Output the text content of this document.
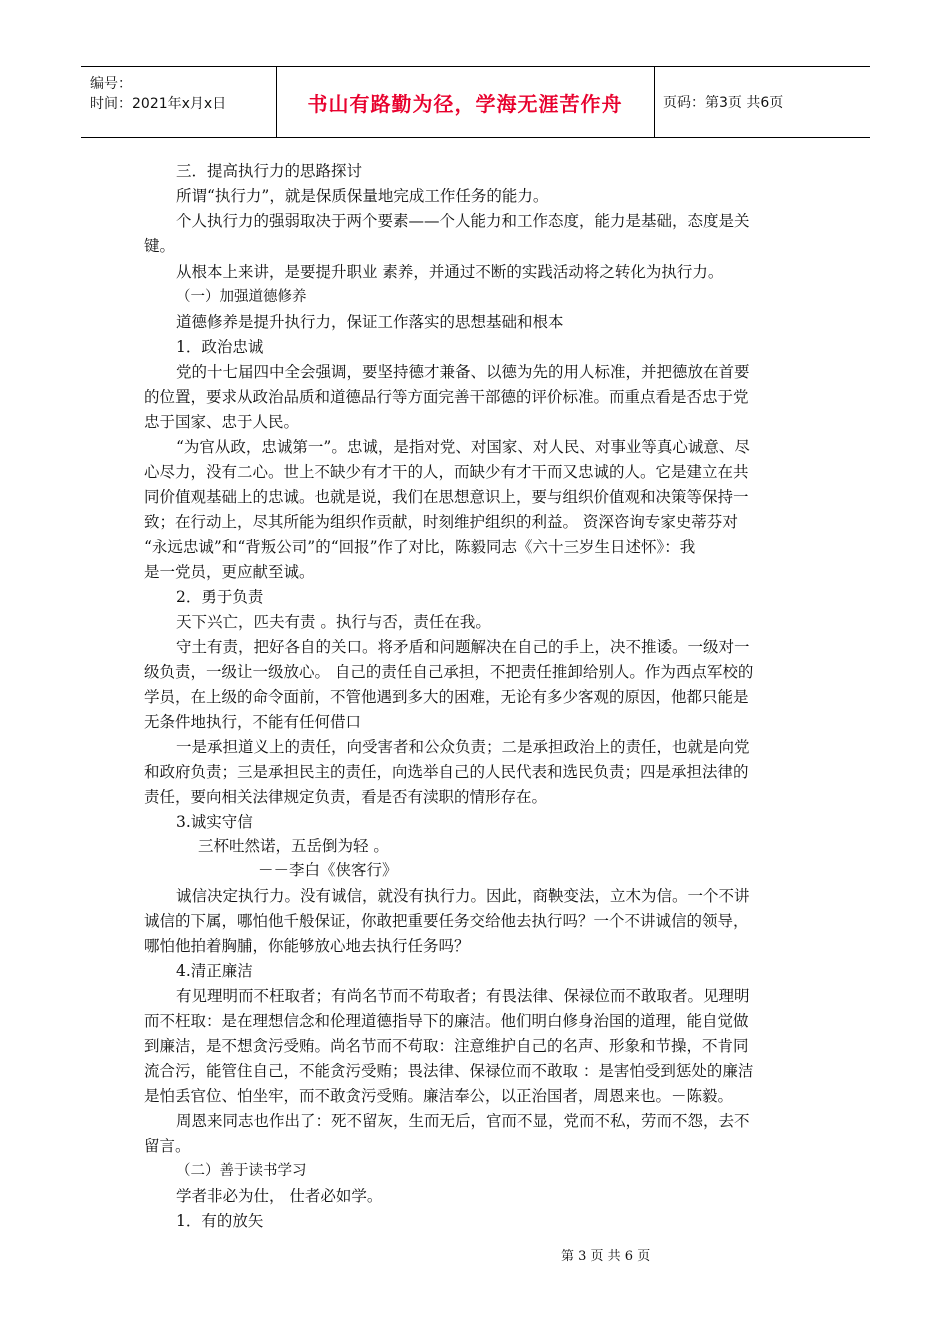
编号：
时间：2021年x月x日	书山有路勤为径，学海无涯苦作舟	页码：第3页 共6页
三．提高执行力的思路探讨
所谓“执行力”，就是保质保量地完成工作任务的能力。
个人执行力的强弱取决于两个要素——个人能力和工作态度，能力是基础，态度是关
键。
从根本上来讲，是要提升职业 素养，并通过不断的实践活动将之转化为执行力。
（一）加强道德修养
道德修养是提升执行力，保证工作落实的思想基础和根本
1．政治忠诚
党的十七届四中全会强调，要坚持德才兼备、以德为先的用人标准，并把德放在首要
的位置，要求从政治品质和道德品行等方面完善干部德的评价标准。而重点看是否忠于党
忠于国家、忠于人民。
“为官从政，忠诚第一”。忠诚，是指对党、对国家、对人民、对事业等真心诚意、尽
心尽力，没有二心。世上不缺少有才干的人，而缺少有才干而又忠诚的人。它是建立在共
同价值观基础上的忠诚。也就是说，我们在思想意识上，要与组织价值观和决策等保持一
致；在行动上，尽其所能为组织作贡献，时刻维护组织的利益。 资深咨询专家史蒂芬对
“永远忠诚”和“背叛公司”的“回报”作了对比，陈毅同志《六十三岁生日述怀》：我
是一党员，更应献至诚。
2．勇于负责
天下兴亡，匹夫有责 。执行与否，责任在我。
守土有责，把好各自的关口。将矛盾和问题解决在自己的手上，决不推诿。一级对一
级负责，一级让一级放心。 自己的责任自己承担，不把责任推卸给别人。作为西点军校的
学员，在上级的命令面前，不管他遇到多大的困难，无论有多少客观的原因，他都只能是
无条件地执行，不能有任何借口
一是承担道义上的责任，向受害者和公众负责；二是承担政治上的责任，也就是向党
和政府负责；三是承担民主的责任，向选举自己的人民代表和选民负责；四是承担法律的
责任，要向相关法律规定负责，看是否有渎职的情形存在。
3.诚实守信
三杯吐然诺，五岳倒为轻 。
－－李白《侠客行》
诚信决定执行力。没有诚信，就没有执行力。因此，商鞅变法，立木为信。一个不讲
诚信的下属，哪怕他千般保证，你敢把重要任务交给他去执行吗？一个不讲诚信的领导，
哪怕他拍着胸脯，你能够放心地去执行任务吗？
4.清正廉洁
有见理明而不枉取者；有尚名节而不苟取者；有畏法律、保禄位而不敢取者。见理明
而不枉取：是在理想信念和伦理道德指导下的廉洁。他们明白修身治国的道理，能自觉做
到廉洁，是不想贪污受贿。尚名节而不苟取：注意维护自己的名声、形象和节操，不肯同
流合污，能管住自己，不能贪污受贿；畏法律、保禄位而不敢取 ：是害怕受到惩处的廉洁
是怕丢官位、怕坐牢，而不敢贪污受贿。廉洁奉公，以正治国者，周恩来也。－陈毅。
周恩来同志也作出了：死不留灰，生而无后，官而不显，党而不私，劳而不怨，去不
留言。
（二）善于读书学习
学者非必为仕， 仕者必如学。
1．有的放矢
第 3 页 共 6 页
